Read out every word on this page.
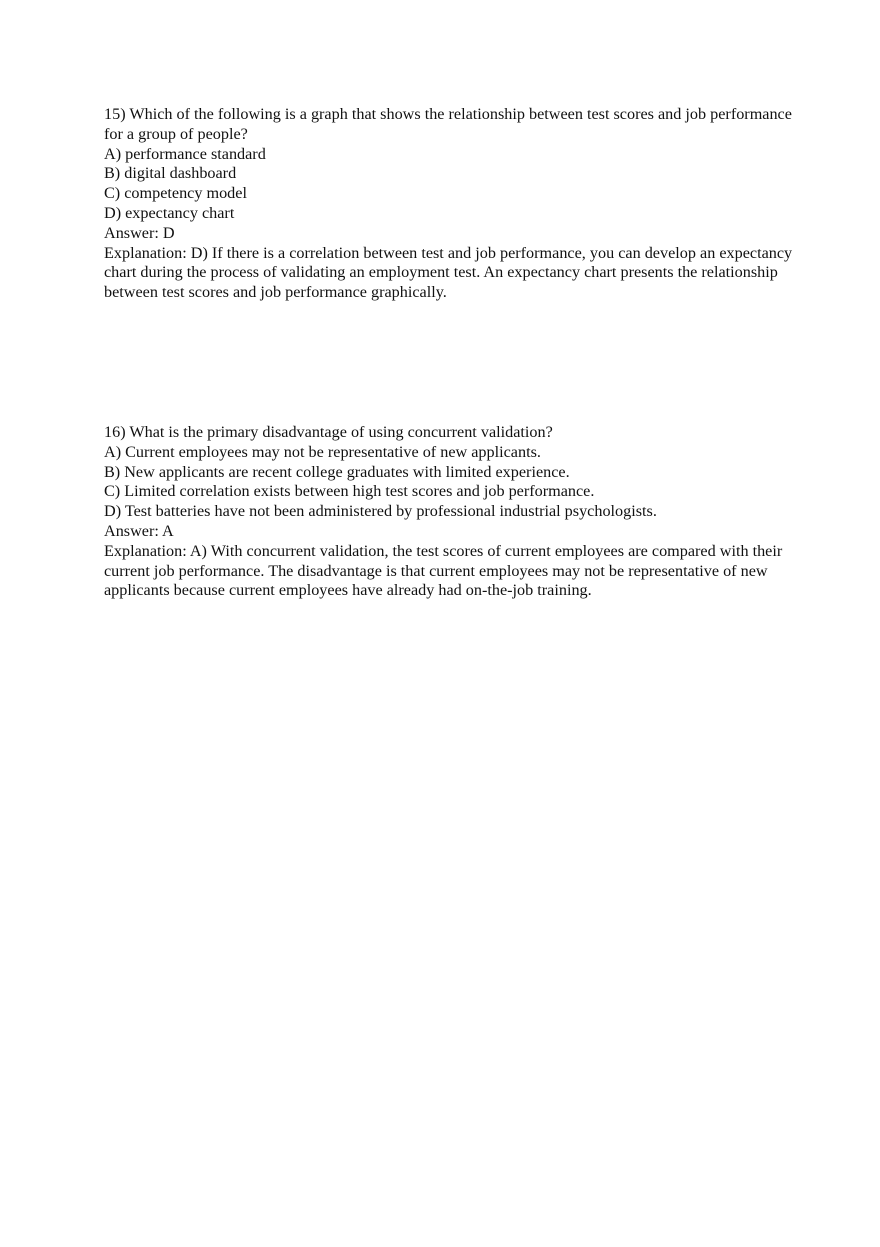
15) Which of the following is a graph that shows the relationship between test scores and job performance for a group of people?
A) performance standard
B) digital dashboard
C) competency model
D) expectancy chart
Answer: D
Explanation: D) If there is a correlation between test and job performance, you can develop an expectancy chart during the process of validating an employment test. An expectancy chart presents the relationship between test scores and job performance graphically.
16) What is the primary disadvantage of using concurrent validation?
A) Current employees may not be representative of new applicants.
B) New applicants are recent college graduates with limited experience.
C) Limited correlation exists between high test scores and job performance.
D) Test batteries have not been administered by professional industrial psychologists.
Answer: A
Explanation: A) With concurrent validation, the test scores of current employees are compared with their current job performance. The disadvantage is that current employees may not be representative of new applicants because current employees have already had on-the-job training.
